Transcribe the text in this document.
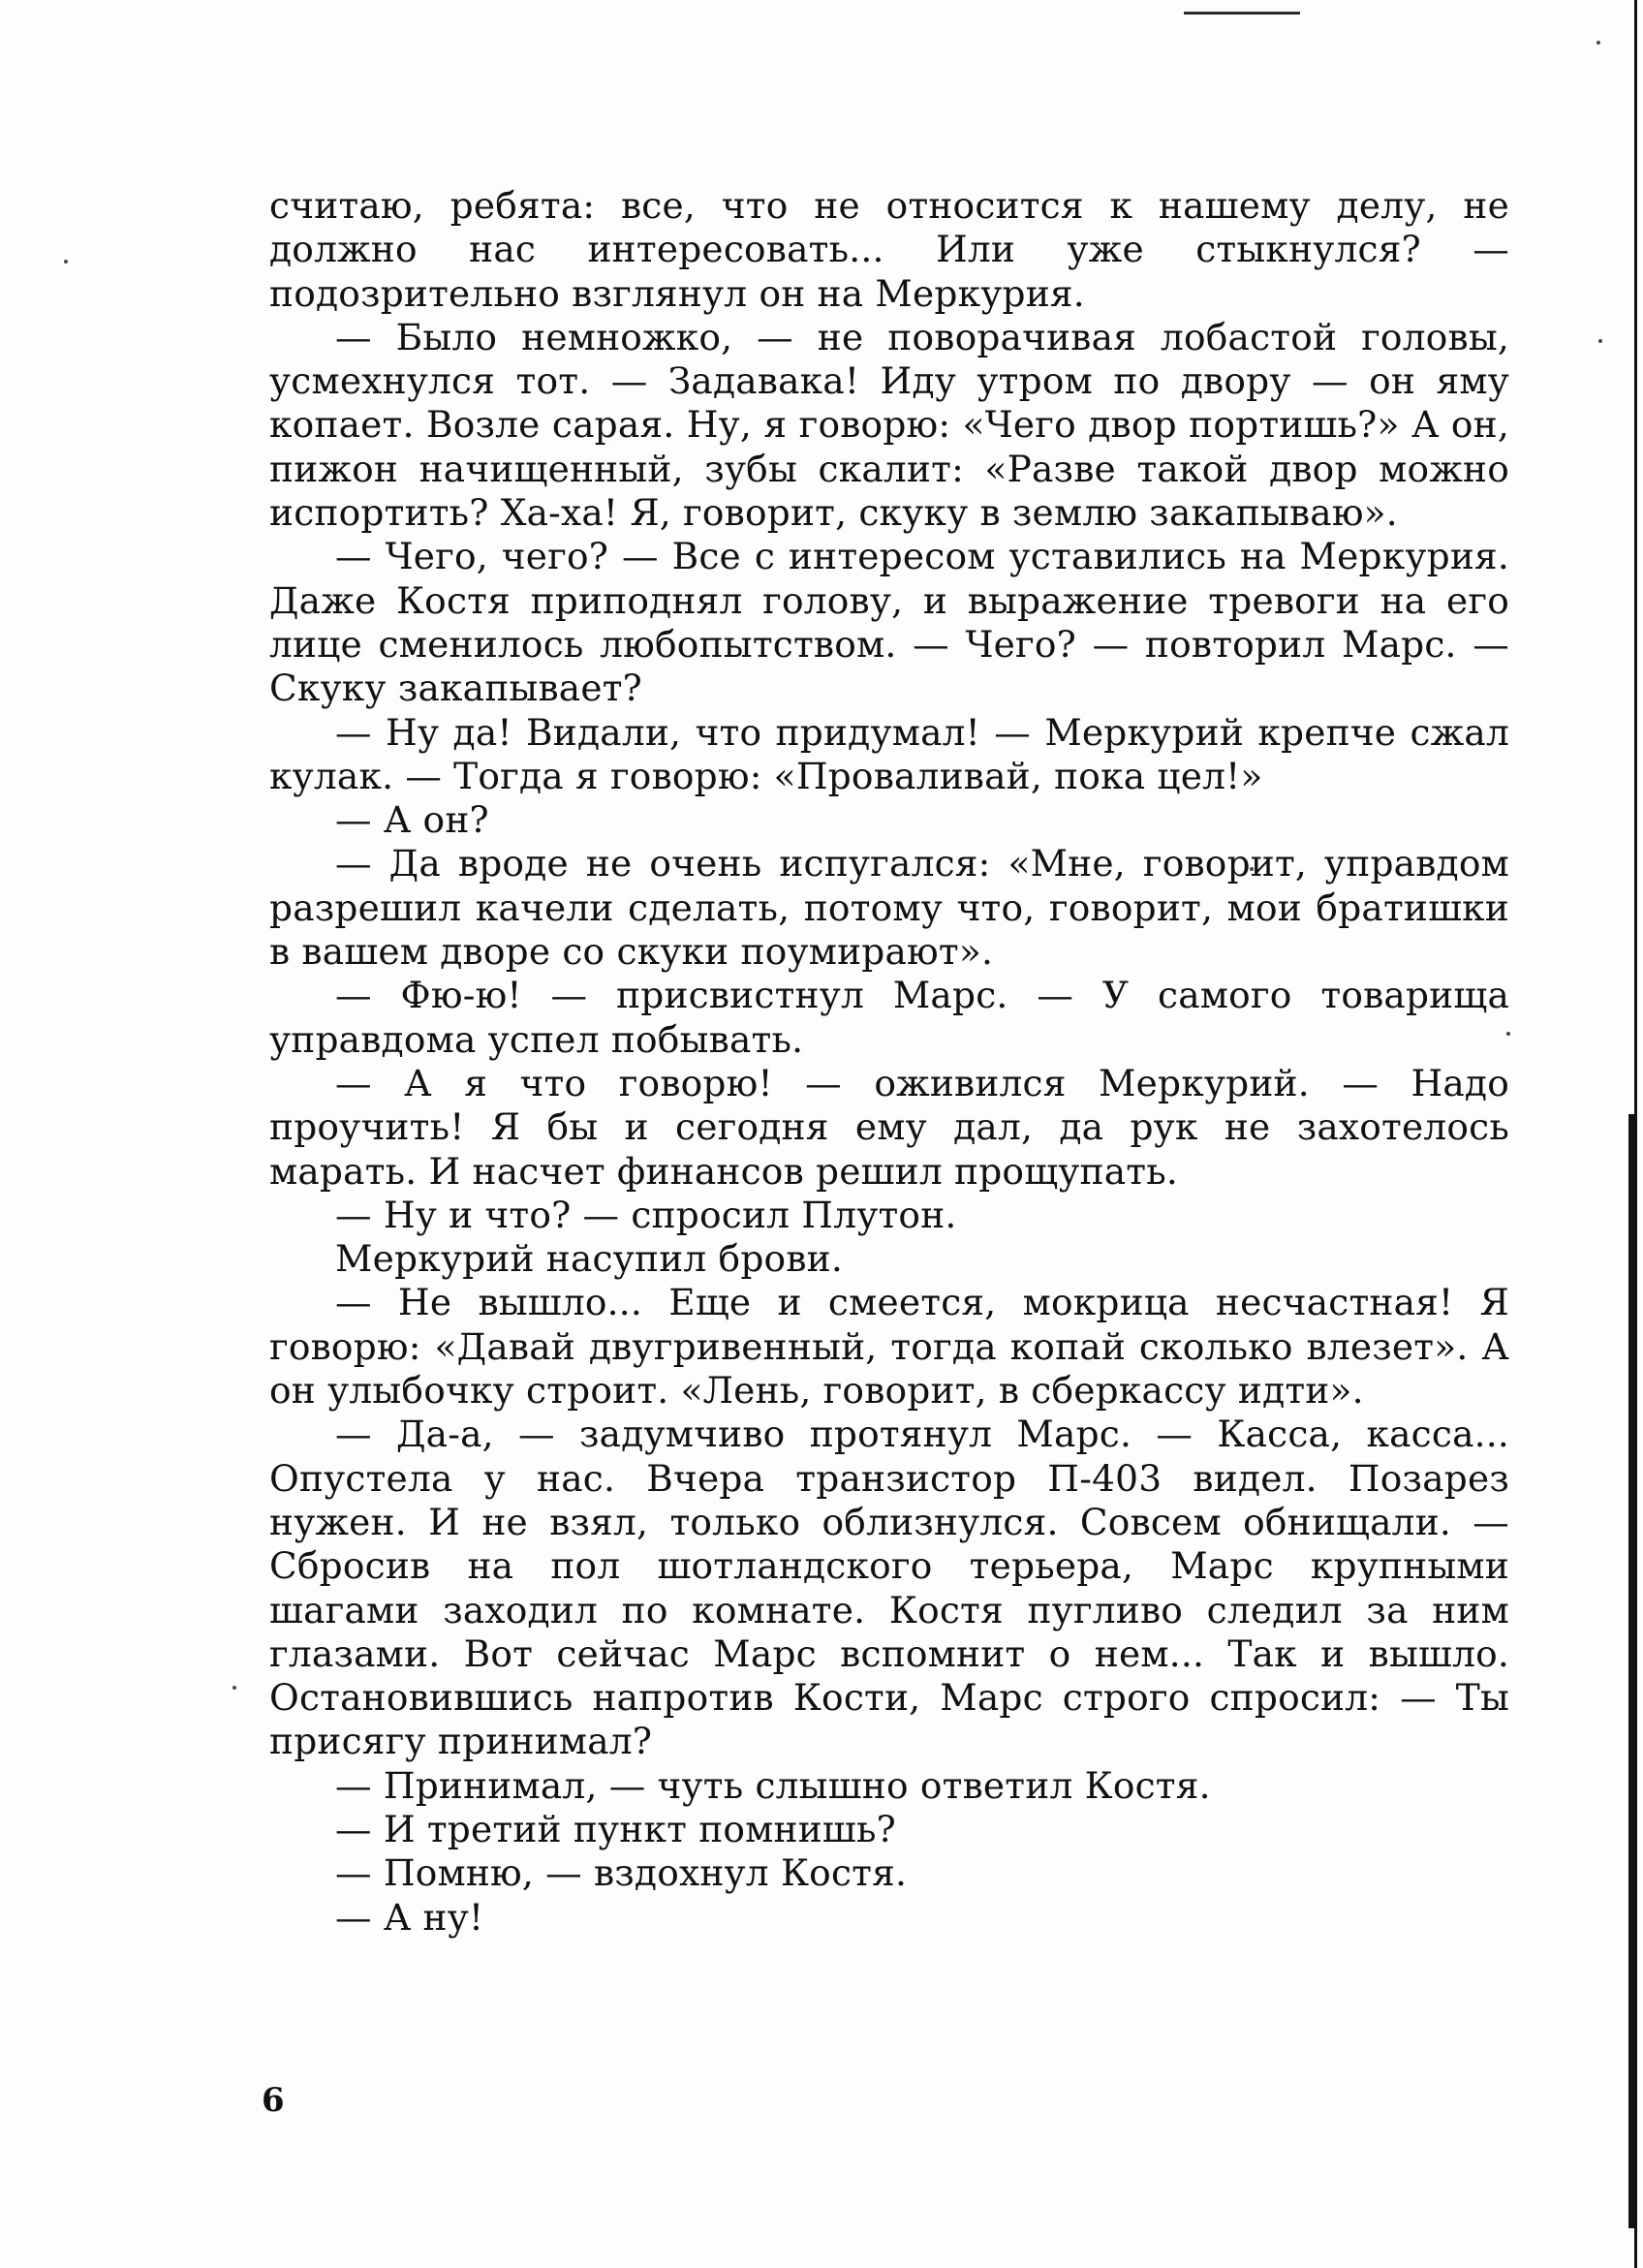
считаю, ребята: все, что не относится к нашему делу, не должно нас интересовать... Или уже стыкнулся? — подозрительно взглянул он на Меркурия.

— Было немножко, — не поворачивая лобастой головы, усмехнулся тот. — Задавака! Иду утром по двору — он яму копает. Возле сарая. Ну, я говорю: «Чего двор портишь?» А он, пижон начищенный, зубы скалит: «Разве такой двор можно испортить? Ха-ха! Я, говорит, скуку в землю закапываю».

— Чего, чего? — Все с интересом уставились на Меркурия. Даже Костя приподнял голову, и выражение тревоги на его лице сменилось любопытством. — Чего? — повторил Марс. — Скуку закапывает?

— Ну да! Видали, что придумал! — Меркурий крепче сжал кулак. — Тогда я говорю: «Проваливай, пока цел!»

— А он?

— Да вроде не очень испугался: «Мне, говорит, управдом разрешил качели сделать, потому что, говорит, мои братишки в вашем дворе со скуки поумирают».

— Фю-ю! — присвистнул Марс. — У самого товарища управдома успел побывать.

— А я что говорю! — оживился Меркурий. — Надо проучить! Я бы и сегодня ему дал, да рук не захотелось марать. И насчет финансов решил прощупать.

— Ну и что? — спросил Плутон.

Меркурий насупил брови.

— Не вышло... Еще и смеется, мокрица несчастная! Я говорю: «Давай двугривенный, тогда копай сколько влезет». А он улыбочку строит. «Лень, говорит, в сберкассу идти».

— Да-а, — задумчиво протянул Марс. — Касса, касса... Опустела у нас. Вчера транзистор П-403 видел. Позарез нужен. И не взял, только облизнулся. Совсем обнищали. — Сбросив на пол шотландского терьера, Марс крупными шагами заходил по комнате. Костя пугливо следил за ним глазами. Вот сейчас Марс вспомнит о нем... Так и вышло. Остановившись напротив Кости, Марс строго спросил: — Ты присягу принимал?

— Принимал, — чуть слышно ответил Костя.

— И третий пункт помнишь?

— Помню, — вздохнул Костя.

— А ну!

6
